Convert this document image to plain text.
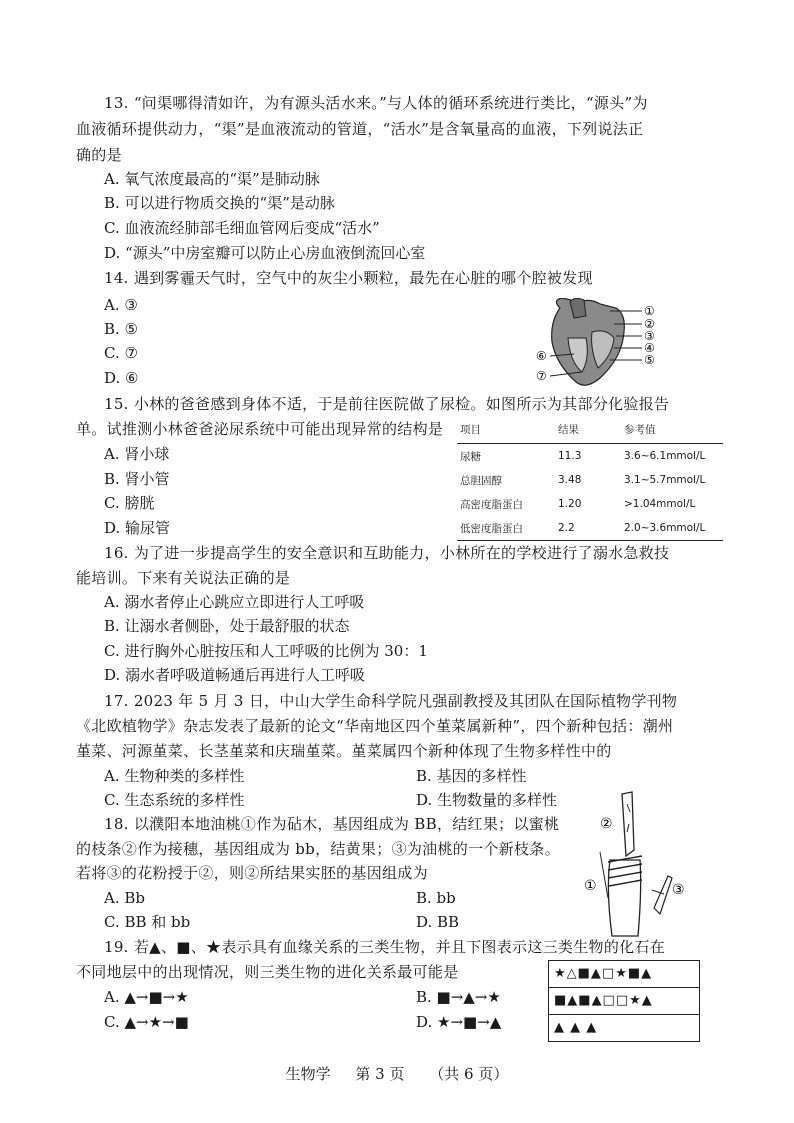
13. “问渠哪得清如许，为有源头活水来。”与人体的循环系统进行类比，“源头”为
血液循环提供动力，“渠”是血液流动的管道，“活水”是含氧量高的血液，下列说法正
确的是
A. 氧气浓度最高的“渠”是肺动脉
B. 可以进行物质交换的“渠”是动脉
C. 血液流经肺部毛细血管网后变成“活水”
D. “源头”中房室瓣可以防止心房血液倒流回心室
14. 遇到雾霾天气时，空气中的灰尘小颗粒，最先在心脏的哪个腔被发现
A. ③
B. ⑤
C. ⑦
D. ⑥
①
②
③
④
⑤
⑥
⑦
15. 小林的爸爸感到身体不适，于是前往医院做了尿检。如图所示为其部分化验报告
单。试推测小林爸爸泌尿系统中可能出现异常的结构是
A. 肾小球
B. 肾小管
C. 膀胱
D. 输尿管
项目	结果	参考值
尿糖	11.3	3.6~6.1mmol/L
总胆固醇	3.48	3.1~5.7mmol/L
高密度脂蛋白	1.20	>1.04mmol/L
低密度脂蛋白	2.2	2.0~3.6mmol/L
16. 为了进一步提高学生的安全意识和互助能力，小林所在的学校进行了溺水急救技
能培训。下来有关说法正确的是
A. 溺水者停止心跳应立即进行人工呼吸
B. 让溺水者侧卧，处于最舒服的状态
C. 进行胸外心脏按压和人工呼吸的比例为 30：1
D. 溺水者呼吸道畅通后再进行人工呼吸
17. 2023 年 5 月 3 日，中山大学生命科学院凡强副教授及其团队在国际植物学刊物
《北欧植物学》杂志发表了最新的论文“华南地区四个堇菜属新种”，四个新种包括：潮州
堇菜、河源堇菜、长茎堇菜和庆瑞堇菜。堇菜属四个新种体现了生物多样性中的
A. 生物种类的多样性	B. 基因的多样性
C. 生态系统的多样性	D. 生物数量的多样性
18. 以濮阳本地油桃①作为砧木，基因组成为 BB，结红果；以蜜桃
的枝条②作为接穗，基因组成为 bb，结黄果；③为油桃的一个新枝条。
若将③的花粉授于②，则②所结果实胚的基因组成为
A. Bb	B. bb
C. BB 和 bb	D. BB
②
①	③
19. 若▲、■、★表示具有血缘关系的三类生物，并且下图表示这三类生物的化石在
不同地层中的出现情况，则三类生物的进化关系最可能是
A. ▲→■→★	B. ■→▲→★
C. ▲→★→■	D. ★→■→▲
★△■▲□★■▲
■▲■▲□□★▲
▲ ▲ ▲
生物学 第 3 页 （共 6 页）
